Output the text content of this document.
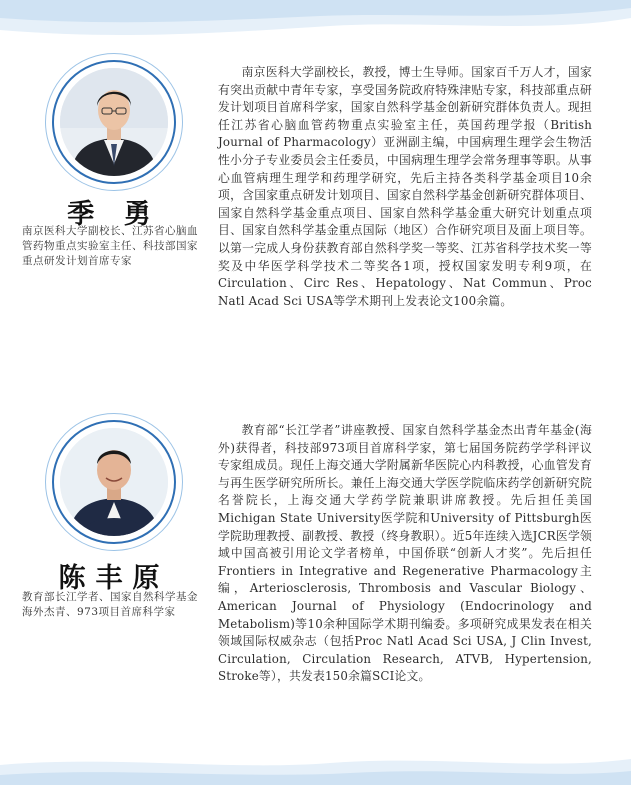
季 勇
南京医科大学副校长、江苏省心脑血管药物重点实验室主任、科技部国家重点研发计划首席专家
南京医科大学副校长，教授，博士生导师。国家百千万人才，国家有突出贡献中青年专家，享受国务院政府特殊津贴专家，科技部重点研发计划项目首席科学家，国家自然科学基金创新研究群体负责人。现担任江苏省心脑血管药物重点实验室主任，英国药理学报（British Journal of Pharmacology）亚洲副主编，中国病理生理学会生物活性小分子专业委员会主任委员，中国病理生理学会常务理事等职。从事心血管病理生理学和药理学研究，先后主持各类科学基金项目10余项，含国家重点研发计划项目、国家自然科学基金创新研究群体项目、国家自然科学基金重点项目、国家自然科学基金重大研究计划重点项目、国家自然科学基金重点国际（地区）合作研究项目及面上项目等。以第一完成人身份获教育部自然科学奖一等奖、江苏省科学技术奖一等奖及中华医学科学技术二等奖各1项，授权国家发明专利9项，在 Circulation、Circ Res、Hepatology、Nat Commun、Proc Natl Acad Sci USA等学术期刊上发表论文100余篇。
陈丰原
教育部长江学者、国家自然科学基金海外杰青、973项目首席科学家
教育部“长江学者”讲座教授、国家自然科学基金杰出青年基金(海外)获得者，科技部973项目首席科学家，第七届国务院药学学科评议专家组成员。现任上海交通大学附属新华医院心内科教授，心血管发育与再生医学研究所所长。兼任上海交通大学医学院临床药学创新研究院名誉院长，上海交通大学药学院兼职讲席教授。先后担任美国Michigan State University医学院和University of Pittsburgh医学院助理教授、副教授、教授（终身教职）。近5年连续入选JCR医学领域中国高被引用论文学者榜单，中国侨联“创新人才奖”。先后担任Frontiers in Integrative and Regenerative Pharmacology主编，Arteriosclerosis, Thrombosis and Vascular Biology、American Journal of Physiology (Endocrinology and Metabolism)等10余种国际学术期刊编委。多项研究成果发表在相关领域国际权威杂志（包括Proc Natl Acad Sci USA, J Clin Invest, Circulation, Circulation Research, ATVB, Hypertension, Stroke等），共发表150余篇SCI论文。
